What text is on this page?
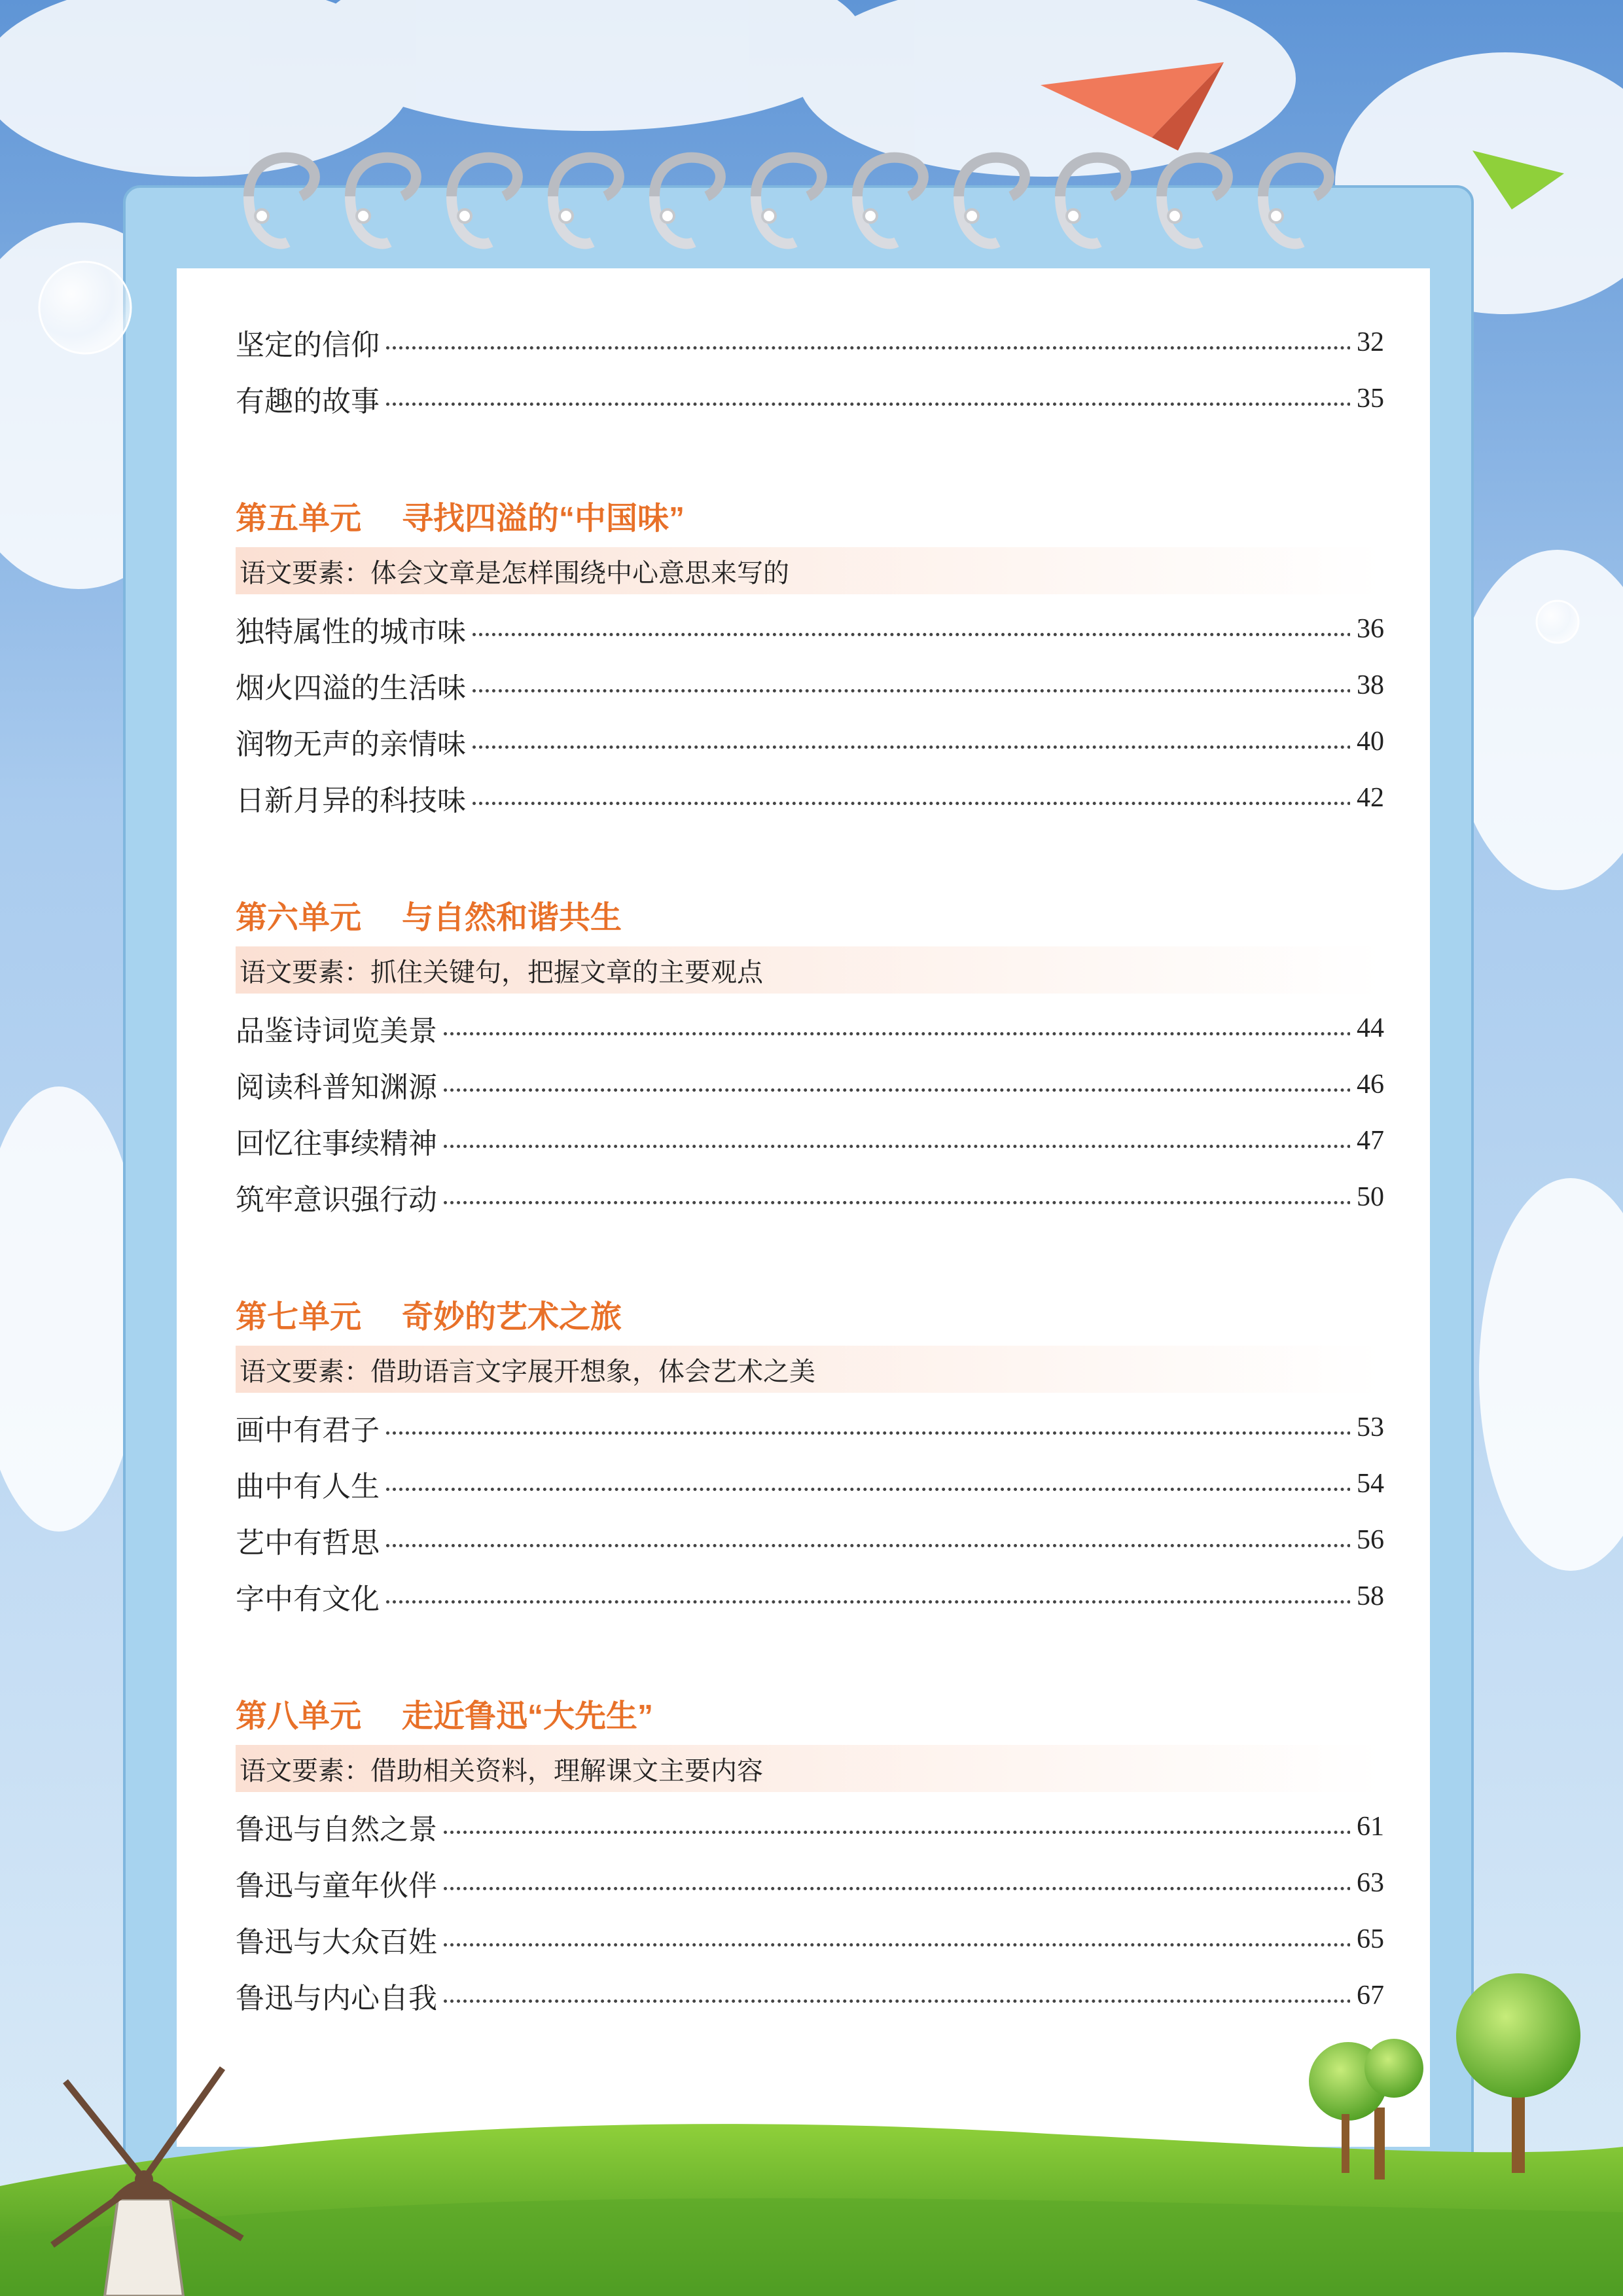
坚定的信仰	32
有趣的故事	35
第五单元 寻找四溢的“中国味”
语文要素：体会文章是怎样围绕中心意思来写的
独特属性的城市味	36
烟火四溢的生活味	38
润物无声的亲情味	40
日新月异的科技味	42
第六单元 与自然和谐共生
语文要素：抓住关键句，把握文章的主要观点
品鉴诗词览美景	44
阅读科普知渊源	46
回忆往事续精神	47
筑牢意识强行动	50
第七单元 奇妙的艺术之旅
语文要素：借助语言文字展开想象，体会艺术之美
画中有君子	53
曲中有人生	54
艺中有哲思	56
字中有文化	58
第八单元 走近鲁迅“大先生”
语文要素：借助相关资料，理解课文主要内容
鲁迅与自然之景	61
鲁迅与童年伙伴	63
鲁迅与大众百姓	65
鲁迅与内心自我	67
